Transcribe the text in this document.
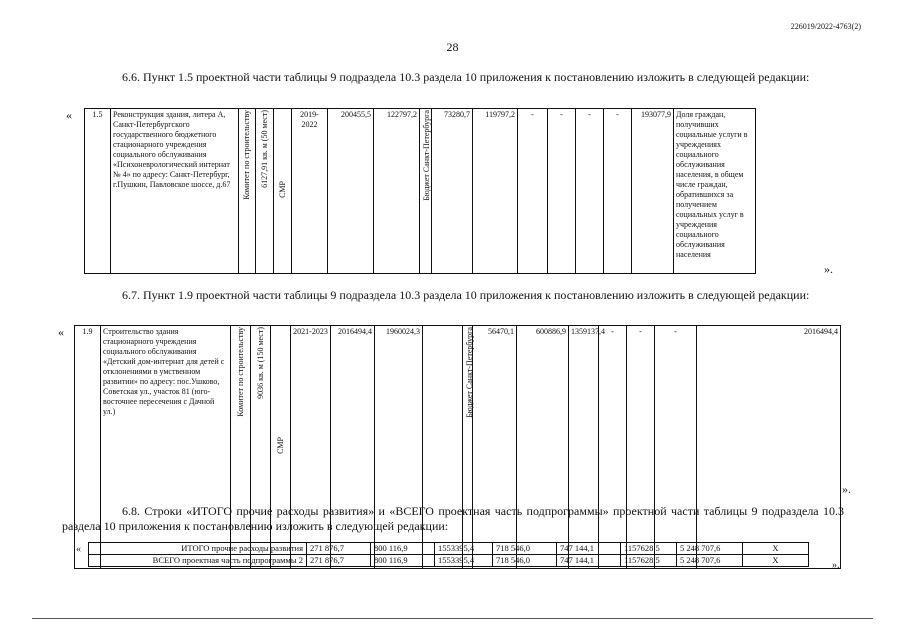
226019/2022-4763(2)
28

6.6. Пункт 1.5 проектной части таблицы 9 подраздела 10.3 раздела 10 приложения к постановлению изложить в следующей редакции:

«	1.5	Реконструкция здания, литера А, Санкт-Петербургского государственного бюджетного стационарного учреждения социального обслуживания «Психоневрологический интернат № 4» по адресу: Санкт-Петербург, г.Пушкин, Павловское шоссе, д.67	Комитет по строительству	6127,91 кв. м (50 мест)	СМР	2019-2022	200455,5	122797,2	Бюджет Санкт-Петербурга	73280,7	119797,2	-	-	-	-	193077,9	Доля граждан, получивших социальные услуги в учреждениях социального обслуживания населения, в общем числе граждан, обратившихся за получением социальных услуг в учреждения социального обслуживания населения
».

6.7. Пункт 1.9 проектной части таблицы 9 подраздела 10.3 раздела 10 приложения к постановлению изложить в следующей редакции:

« 1.9	Строительство здания стационарного учреждения социального обслуживания «Детский дом-интернат для детей с отклонениями в умственном развитии» по адресу: пос.Ушково, Советская ул., участок 81 (юго-восточнее пересечения с Дачной ул.)	Комитет по строительству	9036 кв. м (150 мест)	СМР	2021-2023	2016494,4	1960024,3		Бюджет Санкт-Петербурга	56470,1	600886,9	1359137,4	-	-	-	2016494,4	
».

6.8. Строки «ИТОГО прочие расходы развития» и «ВСЕГО проектная часть подпрограммы» проектной части таблицы 9 подраздела 10.3 раздела 10 приложения к постановлению изложить в следующей редакции:

«	ИТОГО прочие расходы развития	271 876,7	800 116,9	1553395,4	718 546,0	747 144,1	1157628,5	5 248 707,6	X
ВСЕГО проектная часть подпрограммы 2	271 876,7	800 116,9	1553395,4	718 546,0	747 144,1	1157628,5	5 248 707,6	X	».
